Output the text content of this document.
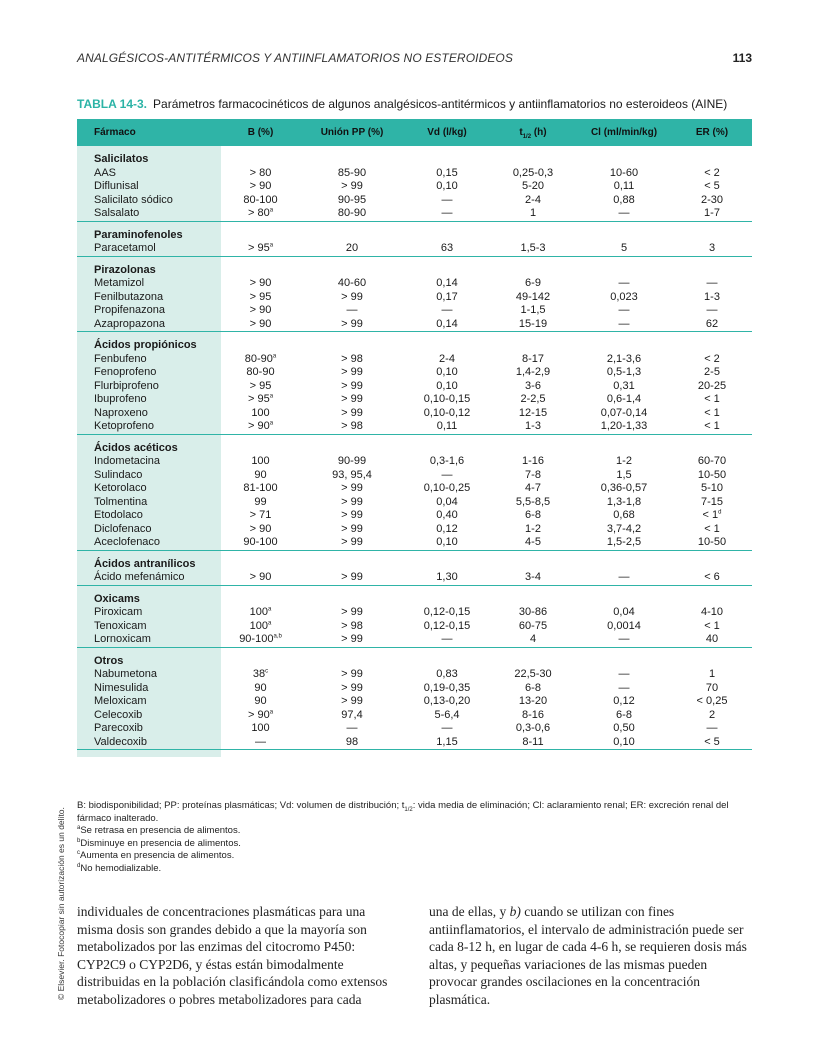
ANALGÉSICOS-ANTITÉRMICOS Y ANTIINFLAMATORIOS NO ESTEROIDEOS	113
TABLA 14-3. Parámetros farmacocinéticos de algunos analgésicos-antitérmicos y antiinflamatorios no esteroideos (AINE)
Fármaco	B (%)	Unión PP (%)	Vd (l/kg)	$t_{1/2}$ (h)	Cl (ml/min/kg)	ER (%)

Salicilatos						
AAS	> 80	85-90	0,15	0,25-0,3	10-60	< 2
Diflunisal	> 90	> 99	0,10	5-20	0,11	< 5
Salicilato sódico	80-100	90-95	—	2-4	0,88	2-30
Salsalato	> $80^a$	80-90	—	1	—	1-7

Paraminofenoles						
Paracetamol	> $95^a$	20	63	1,5-3	5	3

Pirazolonas						
Metamizol	> 90	40-60	0,14	6-9	—	—
Fenilbutazona	> 95	> 99	0,17	49-142	0,023	1-3
Propifenazona	> 90	—	—	1-1,5	—	—
Azapropazona	> 90	> 99	0,14	15-19	—	62

Ácidos propiónicos						
Fenbufeno	$80-90^a$	> 98	2-4	8-17	2,1-3,6	< 2
Fenoprofeno	80-90	> 99	0,10	1,4-2,9	0,5-1,3	2-5
Flurbiprofeno	> 95	> 99	0,10	3-6	0,31	20-25
Ibuprofeno	> $95^a$	> 99	0,10-0,15	2-2,5	0,6-1,4	< 1
Naproxeno	100	> 99	0,10-0,12	12-15	0,07-0,14	< 1
Ketoprofeno	> $90^a$	> 98	0,11	1-3	1,20-1,33	< 1

Ácidos acéticos						
Indometacina	100	90-99	0,3-1,6	1-16	1-2	60-70
Sulindaco	90	93, 95,4	—	7-8	1,5	10-50
Ketorolaco	81-100	> 99	0,10-0,25	4-7	0,36-0,57	5-10
Tolmentina	99	> 99	0,04	5,5-8,5	1,3-1,8	7-15
Etodolaco	> 71	> 99	0,40	6-8	0,68	< $1^d$
Diclofenaco	> 90	> 99	0,12	1-2	3,7-4,2	< 1
Aceclofenaco	90-100	> 99	0,10	4-5	1,5-2,5	10-50

Ácidos antranílicos						
Ácido mefenámico	> 90	> 99	1,30	3-4	—	< 6

Oxicams						
Piroxicam	$100^a$	> 99	0,12-0,15	30-86	0,04	4-10
Tenoxicam	$100^a$	> 98	0,12-0,15	60-75	0,0014	< 1
Lornoxicam	$90-100^{a,b}$	> 99	—	4	—	40

Otros						
Nabumetona	$38^c$	> 99	0,83	22,5-30	—	1
Nimesulida	90	> 99	0,19-0,35	6-8	—	70
Meloxicam	90	> 99	0,13-0,20	13-20	0,12	< 0,25
Celecoxib	> $90^a$	97,4	5-6,4	8-16	6-8	2
Parecoxib	100	—	—	0,3-0,6	0,50	—
Valdecoxib	—	98	1,15	8-11	0,10	< 5

B: biodisponibilidad; PP: proteínas plasmáticas; Vd: volumen de distribución; $t_{1/2}$: vida media de eliminación; Cl: aclaramiento renal; ER: excreción renal del fármaco inalterado.
$^a$Se retrasa en presencia de alimentos.
$^b$Disminuye en presencia de alimentos.
$^c$Aumenta en presencia de alimentos.
$^d$No hemodializable.
individuales de concentraciones plasmáticas para una misma dosis son grandes debido a que la mayoría son metabolizados por las enzimas del citocromo P450: CYP2C9 o CYP2D6, y éstas están bimodalmente distribuidas en la población clasificándola como extensos metabolizadores o pobres metabolizadores para cada
una de ellas, y b) cuando se utilizan con fines antiinflamatorios, el intervalo de administración puede ser cada 8-12 h, en lugar de cada 4-6 h, se requieren dosis más altas, y pequeñas variaciones de las mismas pueden provocar grandes oscilaciones en la concentración plasmática.
© Elsevier. Fotocopiar sin autorización es un delito.
